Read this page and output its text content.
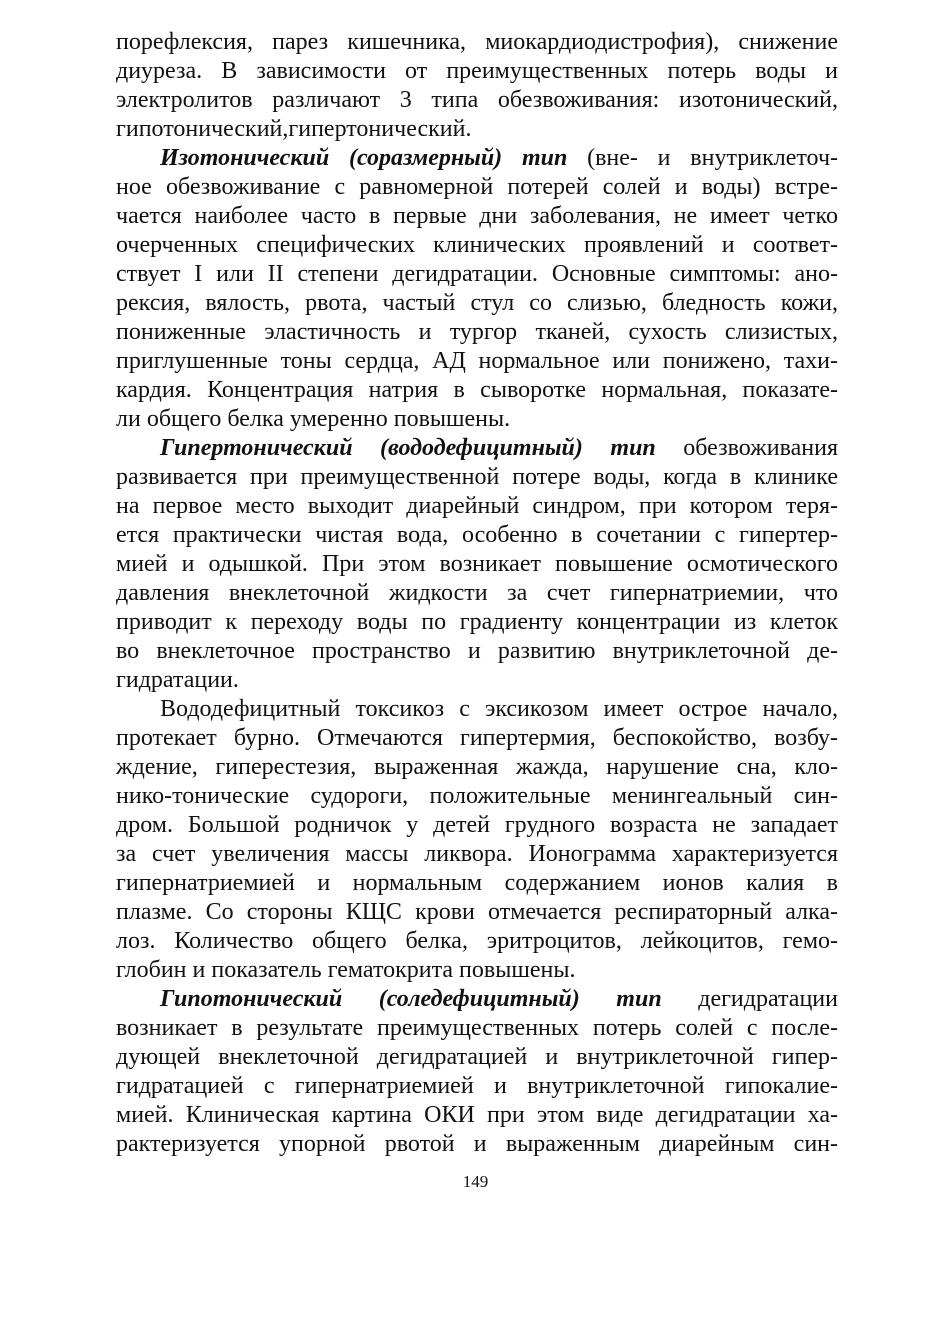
порефлексия, парез кишечника, миокардиодистрофия), снижение
диуреза. В зависимости от преимущественных потерь воды и
электролитов различают 3 типа обезвоживания: изотонический,
гипотонический,гипертонический.
Изотонический (соразмерный) тип (вне- и внутриклеточ-
ное обезвоживание с равномерной потерей солей и воды) встре-
чается наиболее часто в первые дни заболевания, не имеет четко
очерченных специфических клинических проявлений и соответ-
ствует I или II степени дегидратации. Основные симптомы: ано-
рексия, вялость, рвота, частый стул со слизью, бледность кожи,
пониженные эластичность и тургор тканей, сухость слизистых,
приглушенные тоны сердца, АД нормальное или понижено, тахи-
кардия. Концентрация натрия в сыворотке нормальная, показате-
ли общего белка умеренно повышены.
Гипертонический (вододефицитный) тип обезвоживания
развивается при преимущественной потере воды, когда в клинике
на первое место выходит диарейный синдром, при котором теря-
ется практически чистая вода, особенно в сочетании с гипертер-
мией и одышкой. При этом возникает повышение осмотического
давления внеклеточной жидкости за счет гипернатриемии, что
приводит к переходу воды по градиенту концентрации из клеток
во внеклеточное пространство и развитию внутриклеточной де-
гидратации.
Вододефицитный токсикоз с эксикозом имеет острое начало,
протекает бурно. Отмечаются гипертермия, беспокойство, возбу-
ждение, гиперестезия, выраженная жажда, нарушение сна, кло-
нико-тонические судороги, положительные менингеальный син-
дром. Большой родничок у детей грудного возраста не западает
за счет увеличения массы ликвора. Ионограмма характеризуется
гипернатриемией и нормальным содержанием ионов калия в
плазме. Со стороны КЩС крови отмечается респираторный алка-
лоз. Количество общего белка, эритроцитов, лейкоцитов, гемо-
глобин и показатель гематокрита повышены.
Гипотонический (соледефицитный) тип дегидратации
возникает в результате преимущественных потерь солей с после-
дующей внеклеточной дегидратацией и внутриклеточной гипер-
гидратацией с гипернатриемией и внутриклеточной гипокалие-
мией. Клиническая картина ОКИ при этом виде дегидратации ха-
рактеризуется упорной рвотой и выраженным диарейным син-
149
